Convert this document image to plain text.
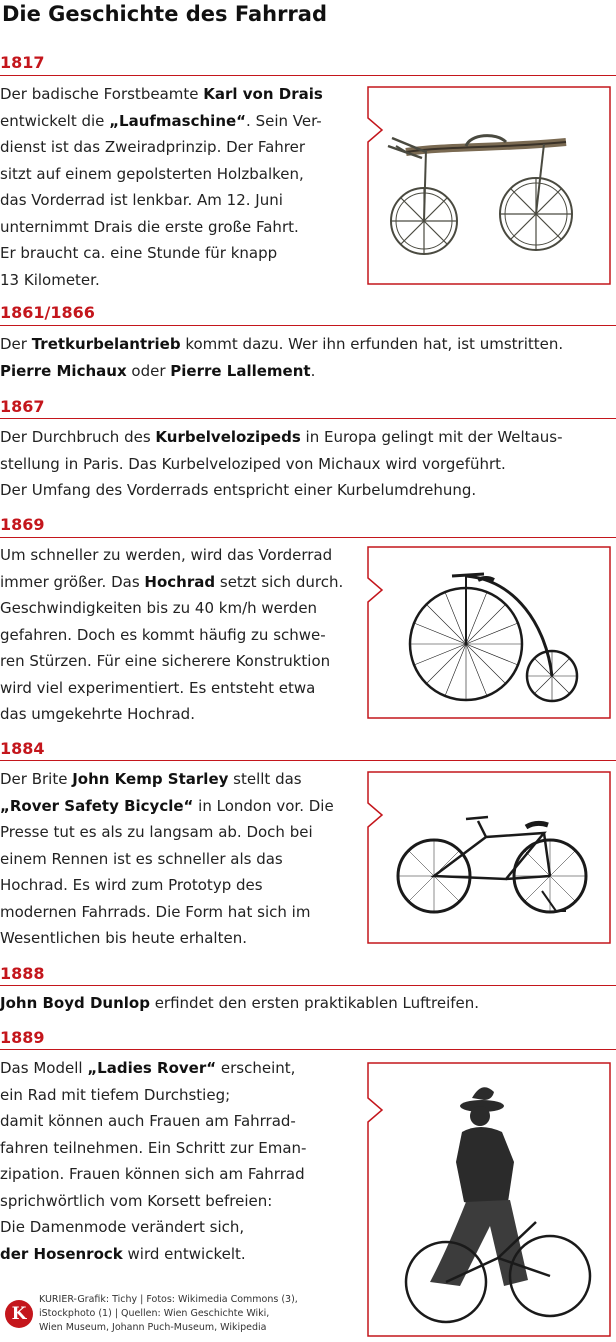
Die Geschichte des Fahrrad
1817
1861/1866
1867
1869
1884
1888
1889
Der badische Forstbeamte Karl von Drais
entwickelt die „Laufmaschine“. Sein Ver-
dienst ist das Zweiradprinzip. Der Fahrer
sitzt auf einem gepolsterten Holzbalken,
das Vorderrad ist lenkbar. Am 12. Juni
unternimmt Drais die erste große Fahrt.
Er braucht ca. eine Stunde für knapp
13 Kilometer.
Der Tretkurbelantrieb kommt dazu. Wer ihn erfunden hat, ist umstritten.
Pierre Michaux oder Pierre Lallement.
Der Durchbruch des Kurbelvelozipeds in Europa gelingt mit der Weltaus-
stellung in Paris. Das Kurbelveloziped von Michaux wird vorgeführt.
Der Umfang des Vorderrads entspricht einer Kurbelumdrehung.
Um schneller zu werden, wird das Vorderrad
immer größer. Das Hochrad setzt sich durch.
Geschwindigkeiten bis zu 40 km/h werden
gefahren. Doch es kommt häufig zu schwe-
ren Stürzen. Für eine sicherere Konstruktion
wird viel experimentiert. Es entsteht etwa
das umgekehrte Hochrad.
Der Brite John Kemp Starley stellt das
„Rover Safety Bicycle“ in London vor. Die
Presse tut es als zu langsam ab. Doch bei
einem Rennen ist es schneller als das
Hochrad. Es wird zum Prototyp des
modernen Fahrrads. Die Form hat sich im
Wesentlichen bis heute erhalten.
John Boyd Dunlop erfindet den ersten praktikablen Luftreifen.
Das Modell „Ladies Rover“ erscheint,
ein Rad mit tiefem Durchstieg;
damit können auch Frauen am Fahrrad-
fahren teilnehmen. Ein Schritt zur Eman-
zipation. Frauen können sich am Fahrrad
sprichwörtlich vom Korsett befreien:
Die Damenmode verändert sich,
der Hosenrock wird entwickelt.
K
KURIER-Grafik: Tichy | Fotos: Wikimedia Commons (3),
iStockphoto (1) | Quellen: Wien Geschichte Wiki,
Wien Museum, Johann Puch-Museum, Wikipedia
